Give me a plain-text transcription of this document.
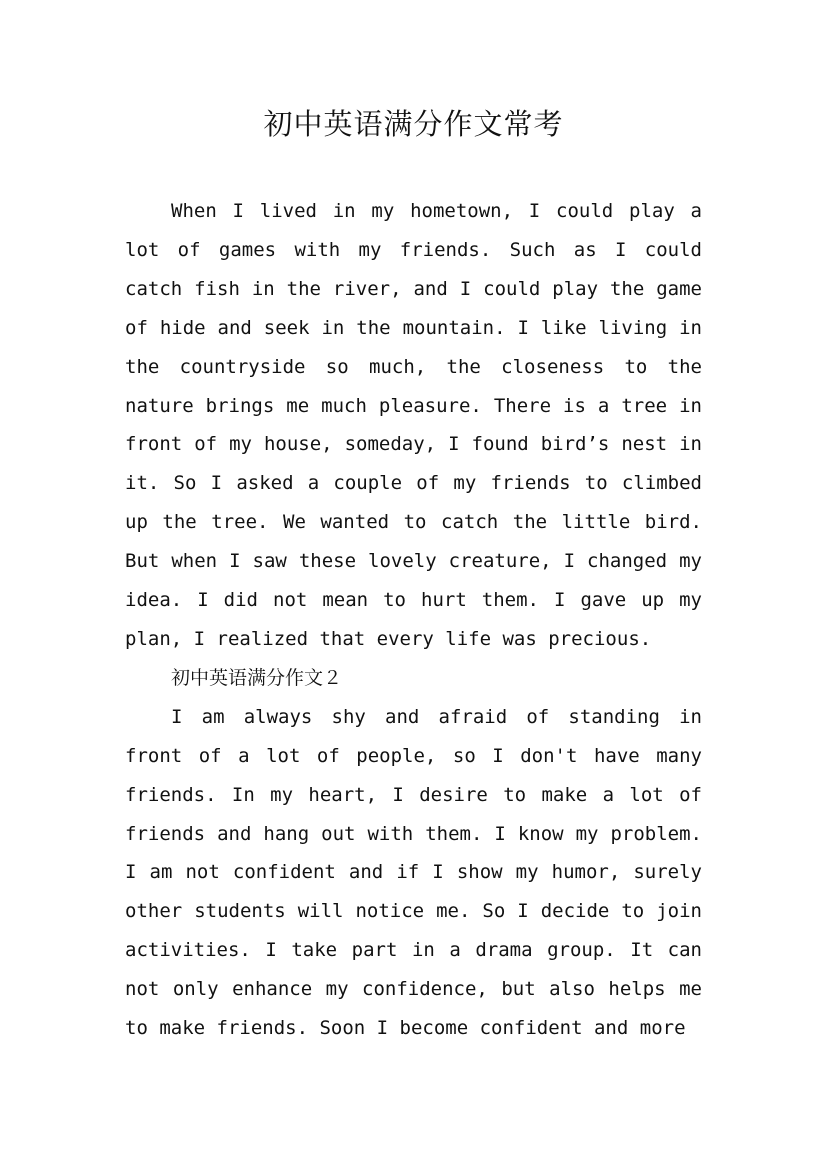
初中英语满分作文常考

When I lived in my hometown, I could play a lot of games with my friends. Such as I could catch fish in the river, and I could play the game of hide and seek in the mountain. I like living in the countryside so much, the closeness to the nature brings me much pleasure. There is a tree in front of my house, someday, I found bird’s nest in it. So I asked a couple of my friends to climbed up the tree. We wanted to catch the little bird. But when I saw these lovely creature, I changed my idea. I did not mean to hurt them. I gave up my plan, I realized that every life was precious.

初中英语满分作文２

I am always shy and afraid of standing in front of a lot of people, so I don't have many friends. In my heart, I desire to make a lot of friends and hang out with them. I know my problem. I am not confident and if I show my humor, surely other students will notice me. So I decide to join activities. I take part in a drama group. It can not only enhance my confidence, but also helps me to make friends. Soon I become confident and more
